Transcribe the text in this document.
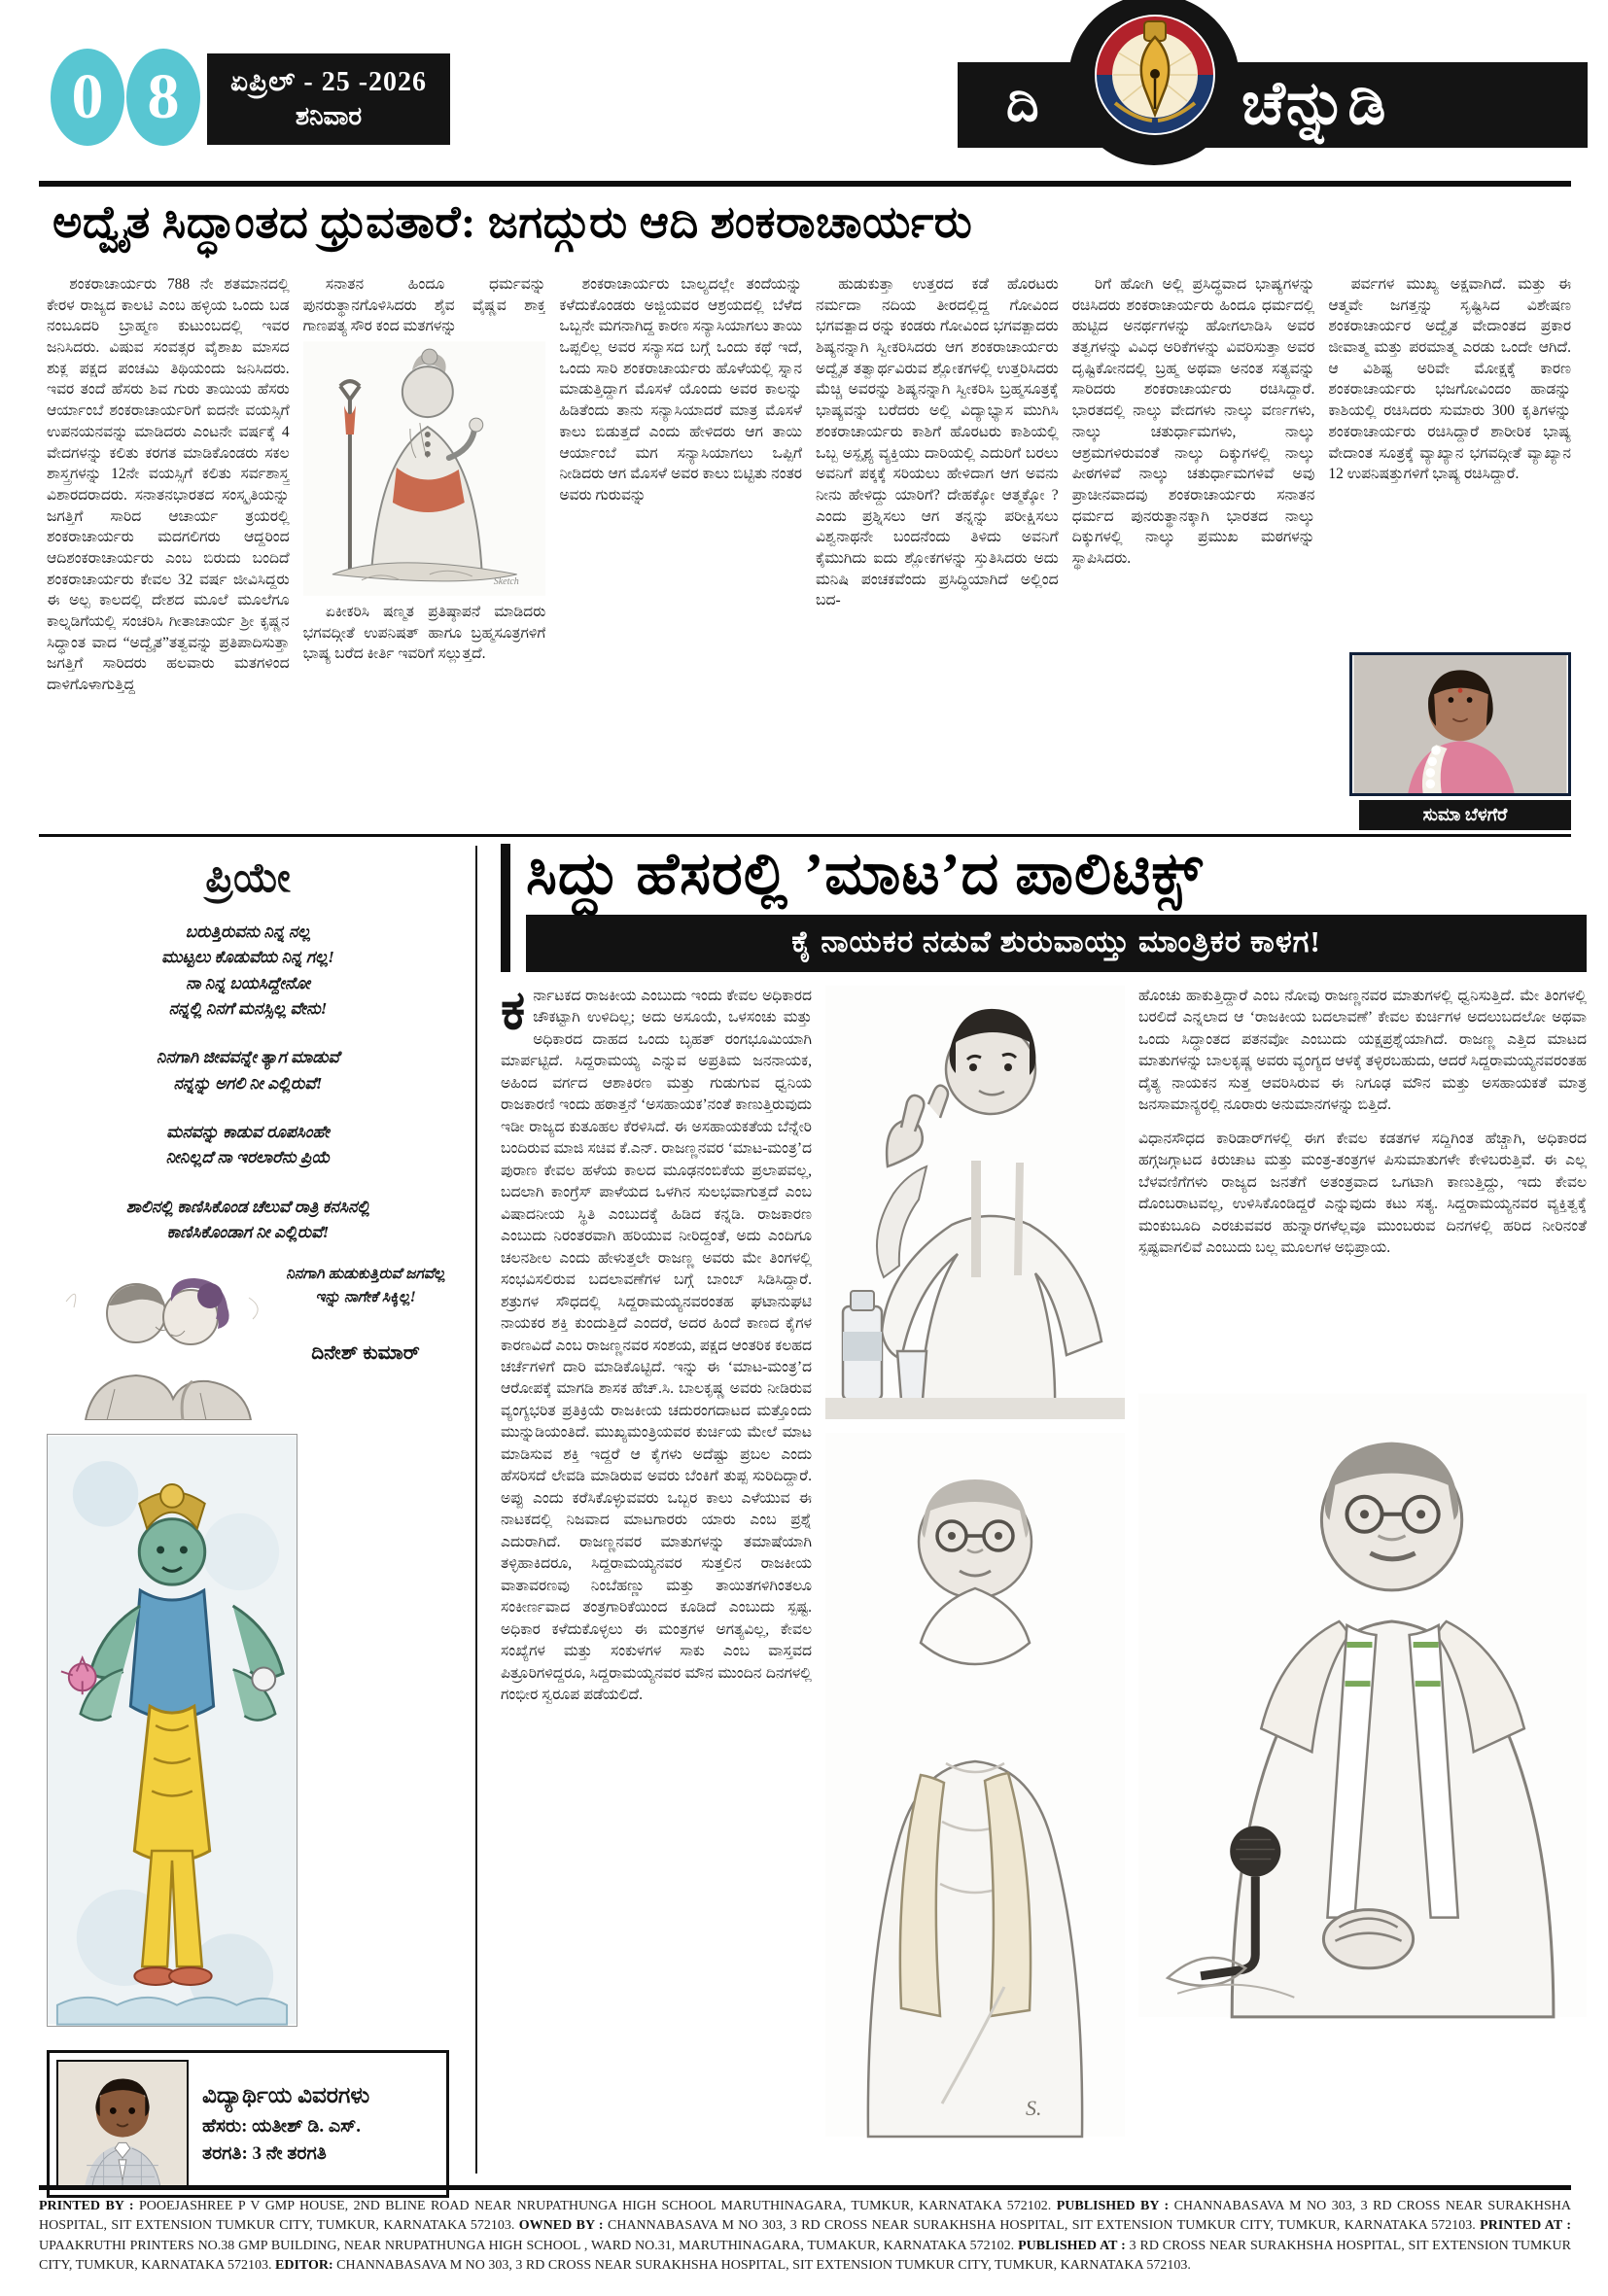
0 8	ಏಪ್ರಿಲ್ - 25 -2026
ಶನಿವಾರ	ದಿ	ಚೆನ್ನುಡಿ
ಅದ್ವೈತ ಸಿದ್ಧಾಂತದ ಧ್ರುವತಾರೆ: ಜಗದ್ಗುರು ಆದಿ ಶಂಕರಾಚಾರ್ಯರು

ಶಂಕರಾಚಾರ್ಯರು 788 ನೇ ಶತಮಾನದಲ್ಲಿ ಕೇರಳ ರಾಜ್ಯದ ಕಾಲಟಿ ಎಂಬ ಹಳ್ಳಿಯ ಒಂದು ಬಡ ನಂಬೂದರಿ ಬ್ರಾಹ್ಮಣ ಕುಟುಂಬದಲ್ಲಿ ಇವರ ಜನಿಸಿದರು. ವಿಷುವ ಸಂವತ್ಸರ ವೈಶಾಖ ಮಾಸದ ಶುಕ್ಲ ಪಕ್ಷದ ಪಂಚಮಿ ತಿಥಿಯಂದು ಜನಿಸಿದರು. ಇವರ ತಂದೆ ಹೆಸರು ಶಿವ ಗುರು ತಾಯಿಯ ಹೆಸರು ಆರ್ಯಾಂಬೆ ಶಂಕರಾಚಾರ್ಯರಿಗೆ ಐದನೇ ವಯಸ್ಸಿಗೆ ಉಪನಯನವನ್ನು ಮಾಡಿದರು ಎಂಟನೇ ವರ್ಷಕ್ಕೆ 4 ವೇದಗಳನ್ನು ಕಲಿತು ಕರಗತ ಮಾಡಿಕೊಂಡರು ಸಕಲ ಶಾಸ್ತ್ರಗಳನ್ನು 12ನೇ ವಯಸ್ಸಿಗೆ ಕಲಿತು ಸರ್ವಶಾಸ್ತ್ರ ವಿಶಾರದರಾದರು. ಸನಾತನಭಾರತದ ಸಂಸ್ಕೃತಿಯನ್ನು ಜಗತ್ತಿಗೆ ಸಾರಿದ ಆಚಾರ್ಯ ತ್ರಯರಲ್ಲಿ ಶಂಕರಾಚಾರ್ಯರು ಮದಗಲಿಗರು ಆದ್ದರಿಂದ ಆದಿಶಂಕರಾಚಾರ್ಯರು ಎಂಬ ಬಿರುದು ಬಂದಿದೆ ಶಂಕರಾಚಾರ್ಯರು ಕೇವಲ 32 ವರ್ಷ ಜೀವಿಸಿದ್ದರು ಈ ಅಲ್ಪ ಕಾಲದಲ್ಲಿ ದೇಶದ ಮೂಲೆ ಮೂಲೆಗೂ ಕಾಲ್ನಡಿಗೆಯಲ್ಲಿ ಸಂಚರಿಸಿ ಗೀತಾಚಾರ್ಯ ಶ್ರೀ ಕೃಷ್ಣನ ಸಿದ್ಧಾಂತ ವಾದ “ಅದ್ವೈತ”ತತ್ವವನ್ನು ಪ್ರತಿಪಾದಿಸುತ್ತಾ ಜಗತ್ತಿಗೆ ಸಾರಿದರು ಹಲವಾರು ಮತಗಳಿಂದ ದಾಳಿಗೊಳಾಗುತ್ತಿದ್ದ

ಸನಾತನ ಹಿಂದೂ ಧರ್ಮವನ್ನು ಪುನರುತ್ಥಾನಗೊಳಿಸಿದರು ಶೈವ ವೈಷ್ಣವ ಶಾಕ್ತ ಗಾಣಪತ್ಯ ಸೌರ ಕಂದ ಮತಗಳನ್ನು

Sketch

ಏಕೀಕರಿಸಿ ಷಣ್ಮತ ಪ್ರತಿಷ್ಠಾಪನೆ ಮಾಡಿದರು ಭಗವದ್ಗೀತೆ ಉಪನಿಷತ್ ಹಾಗೂ ಬ್ರಹ್ಮಸೂತ್ರಗಳಿಗೆ ಭಾಷ್ಯ ಬರೆದ ಕೀರ್ತಿ ಇವರಿಗೆ ಸಲ್ಲುತ್ತದೆ.

ಶಂಕರಾಚಾರ್ಯರು ಬಾಲ್ಯದಲ್ಲೇ ತಂದೆಯನ್ನು ಕಳೆದುಕೊಂಡರು ಅಜ್ಜಿಯವರ ಆಶ್ರಯದಲ್ಲಿ ಬೆಳೆದ ಒಬ್ಬನೇ ಮಗನಾಗಿದ್ದ ಕಾರಣ ಸನ್ಯಾಸಿಯಾಗಲು ತಾಯಿ ಒಪ್ಪಲಿಲ್ಲ ಅವರ ಸನ್ಯಾಸದ ಬಗ್ಗೆ ಒಂದು ಕಥೆ ಇದೆ, ಒಂದು ಸಾರಿ ಶಂಕರಾಚಾರ್ಯರು ಹೊಳೆಯಲ್ಲಿ ಸ್ನಾನ ಮಾಡುತ್ತಿದ್ದಾಗ ಮೊಸಳೆ ಯೊಂದು ಅವರ ಕಾಲನ್ನು ಹಿಡಿತೆಂದು ತಾನು ಸನ್ಯಾಸಿಯಾದರೆ ಮಾತ್ರ ಮೊಸಳೆ ಕಾಲು ಬಿಡುತ್ತದೆ ಎಂದು ಹೇಳಿದರು ಆಗ ತಾಯಿ ಆರ್ಯಾಂಬೆ ಮಗ ಸನ್ಯಾಸಿಯಾಗಲು ಒಪ್ಪಿಗೆ ನೀಡಿದರು ಆಗ ಮೊಸಳೆ ಅವರ ಕಾಲು ಬಿಟ್ಟಿತು ನಂತರ ಅವರು ಗುರುವನ್ನು

ಹುಡುಕುತ್ತಾ ಉತ್ತರದ ಕಡೆ ಹೊರಟರು ನರ್ಮದಾ ನದಿಯ ತೀರದಲ್ಲಿದ್ದ ಗೋವಿಂದ ಭಗವತ್ಪಾದ ರನ್ನು ಕಂಡರು ಗೋವಿಂದ ಭಗವತ್ಪಾದರು ಶಿಷ್ಯನನ್ನಾಗಿ ಸ್ವೀಕರಿಸಿದರು ಆಗ ಶಂಕರಾಚಾರ್ಯರು ಅದ್ವೈತ ತತ್ವಾರ್ಥವಿರುವ ಶ್ಲೋಕಗಳಲ್ಲಿ ಉತ್ತರಿಸಿದರು ಮೆಚ್ಚಿ ಅವರನ್ನು ಶಿಷ್ಯನನ್ನಾಗಿ ಸ್ವೀಕರಿಸಿ ಬ್ರಹ್ಮಸೂತ್ರಕ್ಕೆ ಭಾಷ್ಯವನ್ನು ಬರೆದರು ಅಲ್ಲಿ ವಿದ್ಯಾಭ್ಯಾಸ ಮುಗಿಸಿ ಶಂಕರಾಚಾರ್ಯರು ಕಾಶಿಗೆ ಹೊರಟರು ಕಾಶಿಯಲ್ಲಿ ಒಬ್ಬ ಅಸ್ಪೃಶ್ಯ ವ್ಯಕ್ತಿಯು ದಾರಿಯಲ್ಲಿ ಎದುರಿಗೆ ಬರಲು ಅವನಿಗೆ ಪಕ್ಕಕ್ಕೆ ಸರಿಯಲು ಹೇಳಿದಾಗ ಆಗ ಅವನು ನೀನು ಹೇಳಿದ್ದು ಯಾರಿಗೆ? ದೇಹಕ್ಕೋ ಆತ್ಮಕ್ಕೋ ? ಎಂದು ಪ್ರಶ್ನಿಸಲು ಆಗ ತನ್ನನ್ನು ಪರೀಕ್ಷಿಸಲು ವಿಶ್ವನಾಥನೇ ಬಂದನೆಂದು ತಿಳಿದು ಅವನಿಗೆ ಕೈಮುಗಿದು ಐದು ಶ್ಲೋಕಗಳನ್ನು ಸ್ತುತಿಸಿದರು ಅದು ಮನಿಷಿ ಪಂಚಕವೆಂದು ಪ್ರಸಿದ್ಧಿಯಾಗಿದೆ ಅಲ್ಲಿಂದ ಬದ-

ರಿಗೆ ಹೋಗಿ ಅಲ್ಲಿ ಪ್ರಸಿದ್ಧವಾದ ಭಾಷ್ಯಗಳನ್ನು ರಚಿಸಿದರು ಶಂಕರಾಚಾರ್ಯರು ಹಿಂದೂ ಧರ್ಮದಲ್ಲಿ ಹುಟ್ಟಿದ ಅನರ್ಥಗಳನ್ನು ಹೋಗಲಾಡಿಸಿ ಅವರ ತತ್ವಗಳನ್ನು ವಿವಿಧ ಅರಿಕೆಗಳನ್ನು ವಿವರಿಸುತ್ತಾ ಅವರ ದೃಷ್ಟಿಕೋನದಲ್ಲಿ ಬ್ರಹ್ಮ ಅಥವಾ ಅನಂತ ಸತ್ಯವನ್ನು ಸಾರಿದರು ಶಂಕರಾಚಾರ್ಯರು ರಚಿಸಿದ್ದಾರೆ. ಭಾರತದಲ್ಲಿ ನಾಲ್ಕು ವೇದಗಳು ನಾಲ್ಕು ವರ್ಣಗಳು, ನಾಲ್ಕು ಚತುರ್ಧಾಮಗಳು, ನಾಲ್ಕು ಆಶ್ರಮಗಳಿರುವಂತೆ ನಾಲ್ಕು ದಿಕ್ಕುಗಳಲ್ಲಿ ನಾಲ್ಕು ಪೀಠಗಳಿವೆ ನಾಲ್ಕು ಚತುರ್ಧಾಮಗಳಿವೆ ಅವು ಪ್ರಾಚೀನವಾದವು ಶಂಕರಾಚಾರ್ಯರು ಸನಾತನ ಧರ್ಮದ ಪುನರುತ್ಥಾನಕ್ಕಾಗಿ ಭಾರತದ ನಾಲ್ಕು ದಿಕ್ಕುಗಳಲ್ಲಿ ನಾಲ್ಕು ಪ್ರಮುಖ ಮಠಗಳನ್ನು ಸ್ಥಾಪಿಸಿದರು.

ಪರ್ವಗಳ ಮುಖ್ಯ ಅಕ್ಷವಾಗಿದೆ. ಮತ್ತು ಈ ಆತ್ಮವೇ ಜಗತ್ತನ್ನು ಸೃಷ್ಟಿಸಿದ ವಿಶೇಷಣ ಶಂಕರಾಚಾರ್ಯರ ಅದ್ವೈತ ವೇದಾಂತದ ಪ್ರಕಾರ ಜೀವಾತ್ಮ ಮತ್ತು ಪರಮಾತ್ಮ ಎರಡು ಒಂದೇ ಆಗಿದೆ. ಆ ವಿಶಿಷ್ಟ ಅರಿವೇ ಮೋಕ್ಷಕ್ಕೆ ಕಾರಣ ಶಂಕರಾಚಾರ್ಯರು ಭಜಗೋವಿಂದಂ ಹಾಡನ್ನು ಕಾಶಿಯಲ್ಲಿ ರಚಿಸಿದರು ಸುಮಾರು 300 ಕೃತಿಗಳನ್ನು ಶಂಕರಾಚಾರ್ಯರು ರಚಿಸಿದ್ದಾರೆ ಶಾರೀರಿಕ ಭಾಷ್ಯ ವೇದಾಂತ ಸೂತ್ರಕ್ಕೆ ವ್ಯಾಖ್ಯಾನ ಭಗವದ್ಗೀತೆ ವ್ಯಾಖ್ಯಾನ 12 ಉಪನಿಷತ್ತುಗಳಿಗೆ ಭಾಷ್ಯ ರಚಿಸಿದ್ದಾರೆ.

ಸುಮಾ ಬೆಳಗೆರೆ
ಪ್ರಿಯೇ
ಬರುತ್ತಿರುವನು ನಿನ್ನ ನಲ್ಲ
ಮುಟ್ಟಲು ಕೊಡುವೆಯ ನಿನ್ನ ಗಲ್ಲ!
ನಾ ನಿನ್ನ ಬಯಸಿದ್ದೇನೋ
ನನ್ನಲ್ಲಿ ನಿನಗೆ ಮನಸ್ಸಿಲ್ಲ ವೇನು!
ನಿನಗಾಗಿ ಜೀವವನ್ನೇ ತ್ಯಾಗ ಮಾಡುವೆ
ನನ್ನನ್ನು ಅಗಲಿ ನೀ ಎಲ್ಲಿರುವೆ!
ಮನವನ್ನು ಕಾಡುವ ರೂಪಸಿಂಹೇ
ನೀನಿಲ್ಲದೆ ನಾ ಇರಲಾರೆನು ಪ್ರಿಯೆ
ಶಾಲಿನಲ್ಲಿ ಕಾಣಿಸಿಕೊಂಡ ಚೆಲುವೆ ರಾತ್ರಿ ಕನಸಿನಲ್ಲಿ
ಕಾಣಿಸಿಕೊಂಡಾಗ ನೀ ಎಲ್ಲಿರುವೆ!
ನಿನಗಾಗಿ ಹುಡುಕುತ್ತಿರುವೆ ಜಗವೆಲ್ಲ
ಇನ್ನು ನಾಗೇಕೆ ಸಿಕ್ಕಿಲ್ಲ!
ದಿನೇಶ್ ಕುಮಾರ್
ವಿದ್ಯಾರ್ಥಿಯ ವಿವರಗಳು
ಹೆಸರು: ಯತೀಶ್ ಡಿ. ಎಸ್.
ತರಗತಿ: 3 ನೇ ತರಗತಿ
ಸಿದ್ದು ಹೆಸರಲ್ಲಿ ’ಮಾಟ’ದ ಪಾಲಿಟಿಕ್ಸ್
ಕೈ ನಾಯಕರ ನಡುವೆ ಶುರುವಾಯ್ತು ಮಾಂತ್ರಿಕರ ಕಾಳಗ!
ಕರ್ನಾಟಕದ ರಾಜಕೀಯ ಎಂಬುದು ಇಂದು ಕೇವಲ ಅಧಿಕಾರದ ಚೌಕಟ್ಟಾಗಿ ಉಳಿದಿಲ್ಲ; ಅದು ಅಸೂಯೆ, ಒಳಸಂಚು ಮತ್ತು ಅಧಿಕಾರದ ದಾಹದ ಒಂದು ಬೃಹತ್ ರಂಗಭೂಮಿಯಾಗಿ ಮಾರ್ಪಟ್ಟಿದೆ. ಸಿದ್ದರಾಮಯ್ಯ ಎನ್ನುವ ಅಪ್ರತಿಮ ಜನನಾಯಕ, ಅಹಿಂದ ವರ್ಗದ ಆಶಾಕಿರಣ ಮತ್ತು ಗುಡುಗುವ ಧ್ವನಿಯ ರಾಜಕಾರಣಿ ಇಂದು ಹಠಾತ್ತನೆ ‘ಅಸಹಾಯಕ’ನಂತೆ ಕಾಣುತ್ತಿರುವುದು ಇಡೀ ರಾಜ್ಯದ ಕುತೂಹಲ ಕೆರಳಿಸಿದೆ. ಈ ಅಸಹಾಯಕತೆಯ ಬೆನ್ನೇರಿ ಬಂದಿರುವ ಮಾಜಿ ಸಚಿವ ಕೆ.ಎನ್. ರಾಜಣ್ಣನವರ ‘ಮಾಟ-ಮಂತ್ರ’ದ ಪುರಾಣ ಕೇವಲ ಹಳೆಯ ಕಾಲದ ಮೂಢನಂಬಿಕೆಯ ಪ್ರಲಾಪವಲ್ಲ, ಬದಲಾಗಿ ಕಾಂಗ್ರೆಸ್ ಪಾಳೆಯದ ಒಳಗಿನ ಸುಲಭವಾಗುತ್ತದೆ ಎಂಬ ವಿಷಾದನೀಯ ಸ್ಥಿತಿ ಎಂಬುದಕ್ಕೆ ಹಿಡಿದ ಕನ್ನಡಿ. ರಾಜಕಾರಣ ಎಂಬುದು ನಿರಂತರವಾಗಿ ಹರಿಯುವ ನೀರಿದ್ದಂತೆ, ಅದು ಎಂದಿಗೂ ಚಲನಶೀಲ ಎಂದು ಹೇಳುತ್ತಲೇ ರಾಜಣ್ಣ ಅವರು ಮೇ ತಿಂಗಳಲ್ಲಿ ಸಂಭವಿಸಲಿರುವ ಬದಲಾವಣೆಗಳ ಬಗ್ಗೆ ಬಾಂಬ್ ಸಿಡಿಸಿದ್ದಾರೆ. ಶತ್ರುಗಳ ಸೌಧದಲ್ಲಿ ಸಿದ್ದರಾಮಯ್ಯನವರಂತಹ ಘಟಾನುಘಟಿ ನಾಯಕರ ಶಕ್ತಿ ಕುಂದುತ್ತಿದೆ ಎಂದರೆ, ಅದರ ಹಿಂದೆ ಕಾಣದ ಕೈಗಳ ಕಾರಣವಿದೆ ಎಂಬ ರಾಜಣ್ಣನವರ ಸಂಶಯ, ಪಕ್ಷದ ಆಂತರಿಕ ಕಲಹದ ಚರ್ಚೆಗಳಿಗೆ ದಾರಿ ಮಾಡಿಕೊಟ್ಟಿದೆ. ಇನ್ನು ಈ ‘ಮಾಟ-ಮಂತ್ರ’ದ ಆರೋಪಕ್ಕೆ ಮಾಗಡಿ ಶಾಸಕ ಹೆಚ್.ಸಿ. ಬಾಲಕೃಷ್ಣ ಅವರು ನೀಡಿರುವ ವ್ಯಂಗ್ಯಭರಿತ ಪ್ರತಿಕ್ರಿಯೆ ರಾಜಕೀಯ ಚದುರಂಗದಾಟದ ಮತ್ತೊಂದು ಮುನ್ನುಡಿಯಂತಿದೆ. ಮುಖ್ಯಮಂತ್ರಿಯವರ ಕುರ್ಚಿಯ ಮೇಲೆ ಮಾಟ ಮಾಡಿಸುವ ಶಕ್ತಿ ಇದ್ದರೆ ಆ ಕೈಗಳು ಅದೆಷ್ಟು ಪ್ರಬಲ ಎಂದು ಹೆಸರಿಸದೆ ಲೇವಡಿ ಮಾಡಿರುವ ಅವರು ಬೆಂಕಿಗೆ ತುಪ್ಪ ಸುರಿದಿದ್ದಾರೆ. ಅಪ್ಪು ಎಂದು ಕರೆಸಿಕೊಳ್ಳುವವರು ಒಬ್ಬರ ಕಾಲು ಎಳೆಯುವ ಈ ನಾಟಕದಲ್ಲಿ ನಿಜವಾದ ಮಾಟಗಾರರು ಯಾರು ಎಂಬ ಪ್ರಶ್ನೆ ಎದುರಾಗಿದೆ. ರಾಜಣ್ಣನವರ ಮಾತುಗಳನ್ನು ತಮಾಷೆಯಾಗಿ ತಳ್ಳಿಹಾಕಿದರೂ, ಸಿದ್ದರಾಮಯ್ಯನವರ ಸುತ್ತಲಿನ ರಾಜಕೀಯ ವಾತಾವರಣವು ನಿಂಬೆಹಣ್ಣು ಮತ್ತು ತಾಯಿತಗಳಿಗಿಂತಲೂ ಸಂಕೀರ್ಣವಾದ ತಂತ್ರಗಾರಿಕೆಯಿಂದ ಕೂಡಿದೆ ಎಂಬುದು ಸ್ಪಷ್ಟ. ಅಧಿಕಾರ ಕಳೆದುಕೊಳ್ಳಲು ಈ ಮಂತ್ರಗಳ ಅಗತ್ಯವಿಲ್ಲ, ಕೇವಲ ಸಂಖ್ಯೆಗಳ ಮತ್ತು ಸಂಕುಳಗಳ ಸಾಕು ಎಂಬ ವಾಸ್ತವದ ಪಿತ್ರೂರಿಗಳಿದ್ದರೂ, ಸಿದ್ದರಾಮಯ್ಯನವರ ಮೌನ ಮುಂದಿನ ದಿನಗಳಲ್ಲಿ ಗಂಭೀರ ಸ್ವರೂಪ ಪಡೆಯಲಿದೆ.
S.
ಹೊಂಚು ಹಾಕುತ್ತಿದ್ದಾರೆ ಎಂಬ ನೋವು ರಾಜಣ್ಣನವರ ಮಾತುಗಳಲ್ಲಿ ಧ್ವನಿಸುತ್ತಿದೆ. ಮೇ ತಿಂಗಳಲ್ಲಿ ಬರಲಿದೆ ಎನ್ನಲಾದ ಆ ‘ರಾಜಕೀಯ ಬದಲಾವಣೆ’ ಕೇವಲ ಕುರ್ಚಿಗಳ ಅದಲುಬದಲೋ ಅಥವಾ ಒಂದು ಸಿದ್ಧಾಂತದ ಪತನವೋ ಎಂಬುದು ಯಕ್ಷಪ್ರಶ್ನೆಯಾಗಿದೆ. ರಾಜಣ್ಣ ಎತ್ತಿದ ಮಾಟದ ಮಾತುಗಳನ್ನು ಬಾಲಕೃಷ್ಣ ಅವರು ವ್ಯಂಗ್ಯದ ಆಳಕ್ಕೆ ತಳ್ಳಿರಬಹುದು, ಆದರೆ ಸಿದ್ದರಾಮಯ್ಯನವರಂತಹ ದೈತ್ಯ ನಾಯಕನ ಸುತ್ತ ಆವರಿಸಿರುವ ಈ ನಿಗೂಢ ಮೌನ ಮತ್ತು ಅಸಹಾಯಕತೆ ಮಾತ್ರ ಜನಸಾಮಾನ್ಯರಲ್ಲಿ ನೂರಾರು ಅನುಮಾನಗಳನ್ನು ಬಿತ್ತಿದೆ.
ವಿಧಾನಸೌಧದ ಕಾರಿಡಾರ್‌ಗಳಲ್ಲಿ ಈಗ ಕೇವಲ ಕಡತಗಳ ಸದ್ದಿಗಿಂತ ಹೆಚ್ಚಾಗಿ, ಅಧಿಕಾರದ ಹಗ್ಗಜಗ್ಗಾಟದ ಕಿರುಚಾಟ ಮತ್ತು ಮಂತ್ರ-ತಂತ್ರಗಳ ಪಿಸುಮಾತುಗಳೇ ಕೇಳಿಬರುತ್ತಿವೆ. ಈ ಎಲ್ಲ ಬೆಳವಣಿಗೆಗಳು ರಾಜ್ಯದ ಜನತೆಗೆ ಅತಂತ್ರವಾದ ಒಗಟಾಗಿ ಕಾಣುತ್ತಿದ್ದು, ಇದು ಕೇವಲ ದೊಂಬರಾಟವಲ್ಲ, ಉಳಿಸಿಕೊಂಡಿದ್ದರೆ ಎನ್ನುವುದು ಕಟು ಸತ್ಯ. ಸಿದ್ದರಾಮಯ್ಯನವರ ವ್ಯಕ್ತಿತ್ವಕ್ಕೆ ಮಂಕುಬೂದಿ ಎರಚುವವರ ಹುನ್ನಾರಗಳೆಲ್ಲವೂ ಮುಂಬರುವ ದಿನಗಳಲ್ಲಿ ಹರಿದ ನೀರಿನಂತೆ ಸ್ಪಷ್ಟವಾಗಲಿವೆ ಎಂಬುದು ಬಲ್ಲ ಮೂಲಗಳ ಅಭಿಪ್ರಾಯ.
PRINTED BY : POOEJASHREE P V GMP HOUSE, 2ND BLINE ROAD NEAR NRUPATHUNGA HIGH SCHOOL MARUTHINAGARA, TUMKUR, KARNATAKA 572102. PUBLISHED BY : CHANNABASAVA M NO 303, 3 RD CROSS NEAR SURAKHSHA HOSPITAL, SIT EXTENSION TUMKUR CITY, TUMKUR, KARNATAKA 572103. OWNED BY : CHANNABASAVA M NO 303, 3 RD CROSS NEAR SURAKHSHA HOSPITAL, SIT EXTENSION TUMKUR CITY, TUMKUR, KARNATAKA 572103. PRINTED AT : UPAAKRUTHI PRINTERS NO.38 GMP BUILDING, NEAR NRUPATHUNGA HIGH SCHOOL , WARD NO.31, MARUTHINAGARA, TUMAKUR, KARNATAKA 572102. PUBLISHED AT : 3 RD CROSS NEAR SURAKHSHA HOSPITAL, SIT EXTENSION TUMKUR CITY, TUMKUR, KARNATAKA 572103. EDITOR: CHANNABASAVA M NO 303, 3 RD CROSS NEAR SURAKHSHA HOSPITAL, SIT EXTENSION TUMKUR CITY, TUMKUR, KARNATAKA 572103.
